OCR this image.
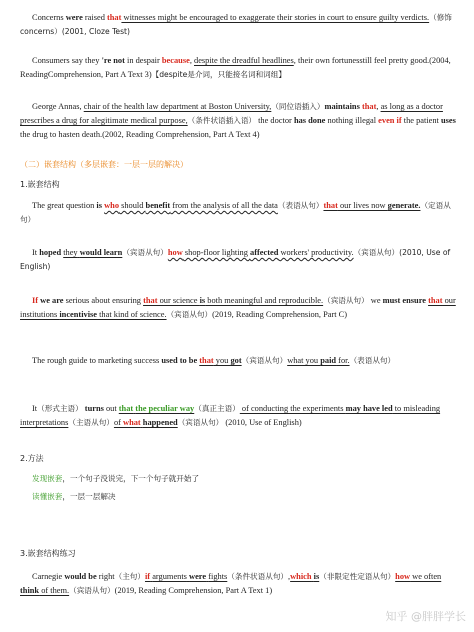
Concerns were raised that witnesses might be encouraged to exaggerate their stories in court to ensure guilty verdicts.（修饰 concerns）(2001, Cloze Test)

Consumers say they 're not in despair because, despite the dreadful headlines, their own fortunesstill feel pretty good.(2004, ReadingComprehension, Part A Text 3)【despite是介词，只能接名词和词组】

George Annas, chair of the health law department at Boston University,（同位语插入）maintains that, as long as a doctor prescribes a drug for alegitimate medical purpose,（条件状语插入语） the doctor has done nothing illegal even if the patient uses the drug to hasten death.(2002, Reading Comprehension, Part A Text 4)

（二）嵌套结构（多层嵌套：一层一层的解决）

1.嵌套结构

The great question is who should benefit from the analysis of all the data（表语从句）that our lives now generate.（定语从句）

It hoped they would learn（宾语从句）how shop-floor lighting affected workers' productivity.（宾语从句）(2010, Use of English)

If we are serious about ensuring that our science is both meaningful and reproducible.（宾语从句） we must ensure that our institutions incentivise that kind of science.（宾语从句）(2019, Reading Comprehension, Part C)

The rough guide to marketing success used to be that you got（宾语从句）what you paid for.（表语从句）

It（形式主语） turns out that the peculiar way（真正主语） of conducting the experiments may have led to misleading interpretations（主语从句）of what happened（宾语从句） (2010, Use of English)

2.方法

发现嵌套，一个句子没说完，下一个句子就开始了

读懂嵌套，一层一层解决

3.嵌套结构练习

Carnegie would be right（主句）if arguments were fights（条件状语从句）,which is（非限定性定语从句）how we often think of them.（宾语从句）(2019, Reading Comprehension, Part A Text 1)

知乎 @胖胖学长
